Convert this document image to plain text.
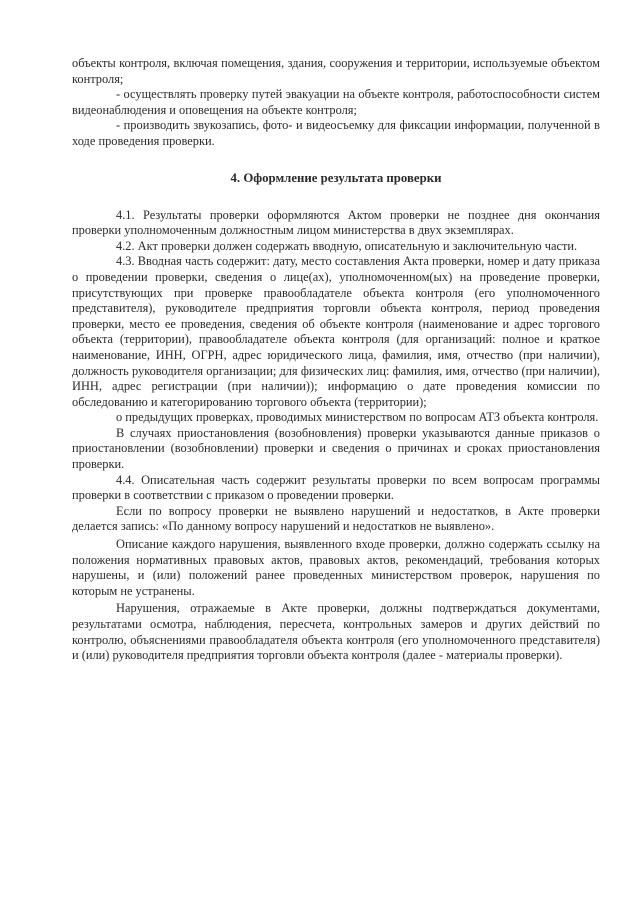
объекты контроля, включая помещения, здания, сооружения и территории, используемые объектом контроля;

- осуществлять проверку путей эвакуации на объекте контроля, работоспособности систем видеонаблюдения и оповещения на объекте контроля;

- производить звукозапись, фото- и видеосъемку для фиксации информации, полученной в ходе проведения проверки.

4. Оформление результата проверки

4.1. Результаты проверки оформляются Актом проверки не позднее дня окончания проверки уполномоченным должностным лицом министерства в двух экземплярах.

4.2. Акт проверки должен содержать вводную, описательную и заключительную части.

4.3. Вводная часть содержит: дату, место составления Акта проверки, номер и дату приказа о проведении проверки, сведения о лице(ах), уполномоченном(ых) на проведение проверки, присутствующих при проверке правообладателе объекта контроля (его уполномоченного представителя), руководителе предприятия торговли объекта контроля, период проведения проверки, место ее проведения, сведения об объекте контроля (наименование и адрес торгового объекта (территории), правообладателе объекта контроля (для организаций: полное и краткое наименование, ИНН, ОГРН, адрес юридического лица, фамилия, имя, отчество (при наличии), должность руководителя организации; для физических лиц: фамилия, имя, отчество (при наличии), ИНН, адрес регистрации (при наличии)); информацию о дате проведения комиссии по обследованию и категорированию торгового объекта (территории);

о предыдущих проверках, проводимых министерством по вопросам АТЗ объекта контроля.

В случаях приостановления (возобновления) проверки указываются данные приказов о приостановлении (возобновлении) проверки и сведения о причинах и сроках приостановления проверки.

4.4. Описательная часть содержит результаты проверки по всем вопросам программы проверки в соответствии с приказом о проведении проверки.

Если по вопросу проверки не выявлено нарушений и недостатков, в Акте проверки делается запись: «По данному вопросу нарушений и недостатков не выявлено».

Описание каждого нарушения, выявленного входе проверки, должно содержать ссылку на положения нормативных правовых актов, правовых актов, рекомендаций, требования которых нарушены, и (или) положений ранее проведенных министерством проверок, нарушения по которым не устранены.

Нарушения, отражаемые в Акте проверки, должны подтверждаться документами, результатами осмотра, наблюдения, пересчета, контрольных замеров и других действий по контролю, объяснениями правообладателя объекта контроля (его уполномоченного представителя) и (или) руководителя предприятия торговли объекта контроля (далее - материалы проверки).
